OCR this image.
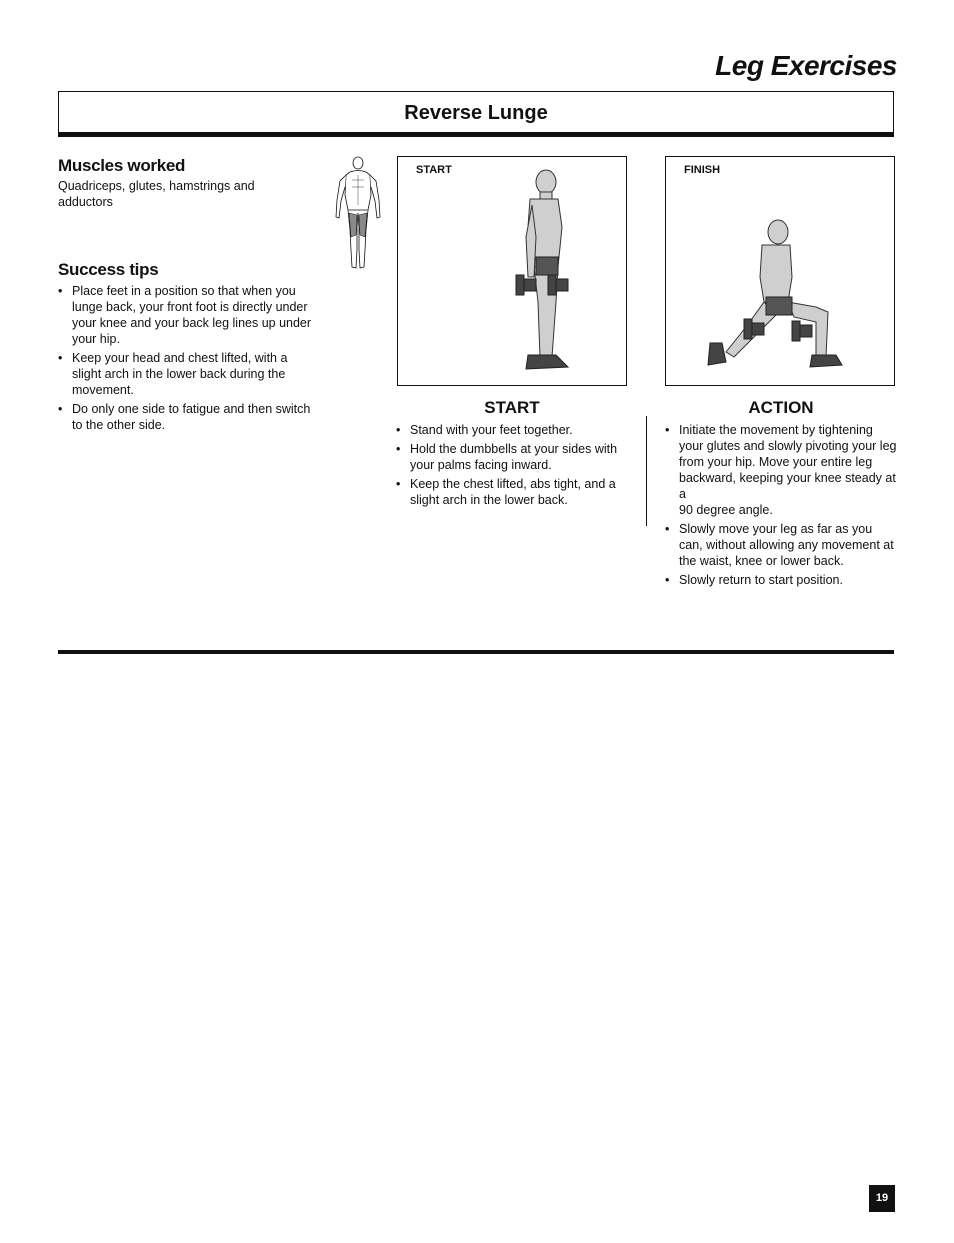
Leg Exercises
Reverse Lunge
Muscles worked

Quadriceps, glutes, hamstrings and adductors

Success tips
• Place feet in a position so that when you lunge back, your front foot is directly under your knee and your back leg lines up under your hip.
• Keep your head and chest lifted, with a slight arch in the lower back during the movement.
• Do only one side to fatigue and then switch to the other side.

START	FINISH

START
• Stand with your feet together.
• Hold the dumbbells at your sides with your palms facing inward.
• Keep the chest lifted, abs tight, and a slight arch in the lower back.
ACTION
• Initiate the movement by tightening your glutes and slowly pivoting your leg from your hip. Move your entire leg backward, keeping your knee steady at a
90 degree angle.
• Slowly move your leg as far as you can, without allowing any movement at the waist, knee or lower back.
• Slowly return to start position.
19
